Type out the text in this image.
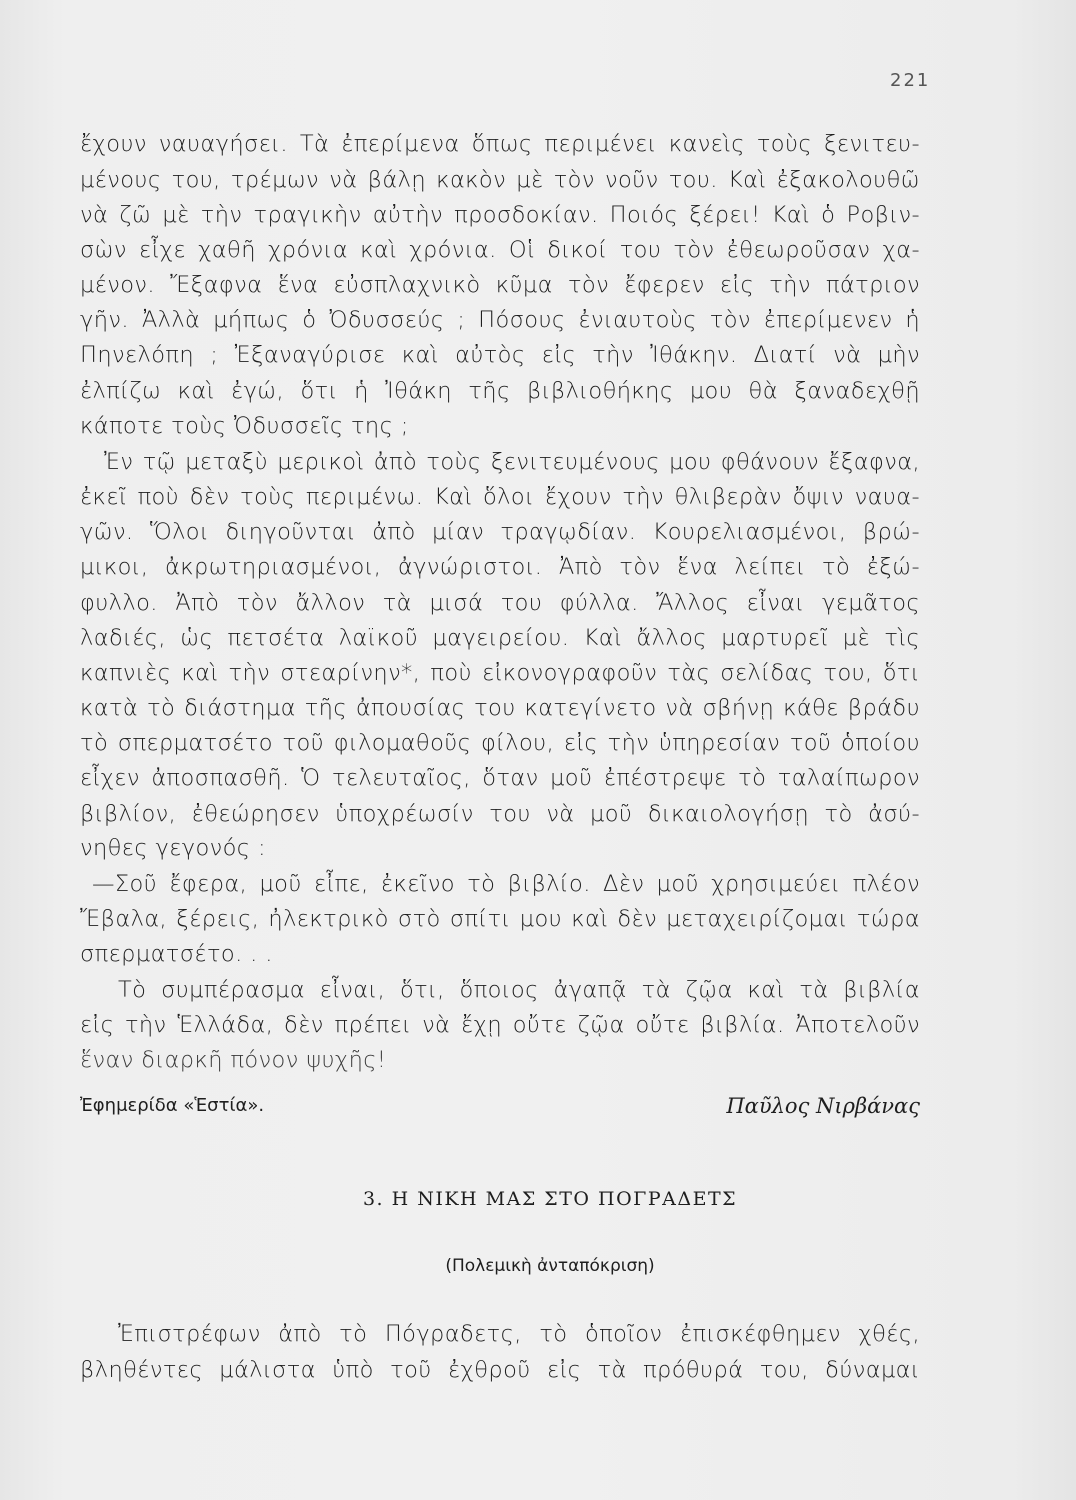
221
ἔχουν ναυαγήσει. Τὰ ἐπερίμενα ὅπως περιμένει κανεὶς τοὺς ξενιτευ-
μένους του, τρέμων νὰ βάλῃ κακὸν μὲ τὸν νοῦν του. Καὶ ἐξακολουθῶ
νὰ ζῶ μὲ τὴν τραγικὴν αὐτὴν προσδοκίαν. Ποιός ξέρει! Καὶ ὁ Ροβιν-
σὼν εἶχε χαθῆ χρόνια καὶ χρόνια. Οἱ δικοί του τὸν ἐθεωροῦσαν χα-
μένον. Ἔξαφνα ἕνα εὐσπλαχνικὸ κῦμα τὸν ἔφερεν εἰς τὴν πάτριον
γῆν. Ἀλλὰ μήπως ὁ Ὀδυσσεύς ; Πόσους ἐνιαυτοὺς τὸν ἐπερίμενεν ἡ
Πηνελόπη ; Ἐξαναγύρισε καὶ αὐτὸς εἰς τὴν Ἰθάκην. Διατί νὰ μὴν
ἐλπίζω καὶ ἐγώ, ὅτι ἡ Ἰθάκη τῆς βιβλιοθήκης μου θὰ ξαναδεχθῇ
κάποτε τοὺς Ὀδυσσεῖς της ;
Ἐν τῷ μεταξὺ μερικοὶ ἀπὸ τοὺς ξενιτευμένους μου φθάνουν ἔξαφνα,
ἐκεῖ ποὺ δὲν τοὺς περιμένω. Καὶ ὅλοι ἔχουν τὴν θλιβερὰν ὄψιν ναυα-
γῶν. Ὅλοι διηγοῦνται ἀπὸ μίαν τραγῳδίαν. Κουρελιασμένοι, βρώ-
μικοι, ἀκρωτηριασμένοι, ἀγνώριστοι. Ἀπὸ τὸν ἕνα λείπει τὸ ἐξώ-
φυλλο. Ἀπὸ τὸν ἄλλον τὰ μισά του φύλλα. Ἄλλος εἶναι γεμᾶτος
λαδιές, ὡς πετσέτα λαϊκοῦ μαγειρείου. Καὶ ἄλλος μαρτυρεῖ μὲ τὶς
καπνιὲς καὶ τὴν στεαρίνην*, ποὺ εἰκονογραφοῦν τὰς σελίδας του, ὅτι
κατὰ τὸ διάστημα τῆς ἀπουσίας του κατεγίνετο νὰ σβήνῃ κάθε βράδυ
τὸ σπερματσέτο τοῦ φιλομαθοῦς φίλου, εἰς τὴν ὑπηρεσίαν τοῦ ὁποίου
εἶχεν ἀποσπασθῆ. Ὁ τελευταῖος, ὅταν μοῦ ἐπέστρεψε τὸ ταλαίπωρον
βιβλίον, ἐθεώρησεν ὑποχρέωσίν του νὰ μοῦ δικαιολογήσῃ τὸ ἀσύ-
νηθες γεγονός :
—Σοῦ ἔφερα, μοῦ εἶπε, ἐκεῖνο τὸ βιβλίο. Δὲν μοῦ χρησιμεύει πλέον
Ἔβαλα, ξέρεις, ἠλεκτρικὸ στὸ σπίτι μου καὶ δὲν μεταχειρίζομαι τώρα
σπερματσέτο. . .
Τὸ συμπέρασμα εἶναι, ὅτι, ὅποιος ἀγαπᾷ τὰ ζῷα καὶ τὰ βιβλία
εἰς τὴν Ἑλλάδα, δὲν πρέπει νὰ ἔχῃ οὔτε ζῷα οὔτε βιβλία. Ἀποτελοῦν
ἕναν διαρκῆ πόνον ψυχῆς!
Ἐφημερίδα «Ἑστία».	Παῦλος Νιρβάνας
3. Η ΝΙΚΗ ΜΑΣ ΣΤΟ ΠΟΓΡΑΔΕΤΣ
(Πολεμικὴ ἀνταπόκριση)
Ἐπιστρέφων ἀπὸ τὸ Πόγραδετς, τὸ ὁποῖον ἐπισκέφθημεν χθές,
βληθέντες μάλιστα ὑπὸ τοῦ ἐχθροῦ εἰς τὰ πρόθυρά του, δύναμαι
